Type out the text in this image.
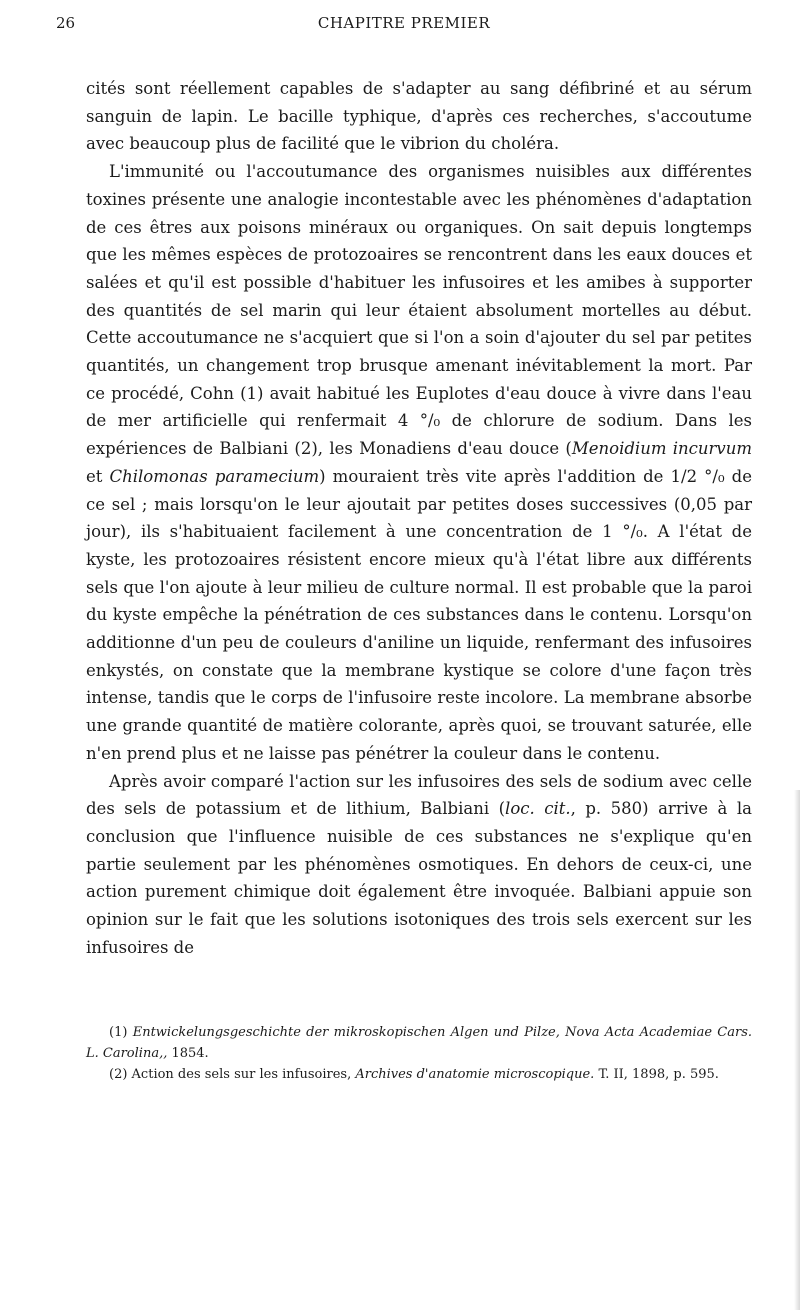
26	CHAPITRE PREMIER

cités sont réellement capables de s'adapter au sang défibriné et au sérum sanguin de lapin. Le bacille typhique, d'après ces recherches, s'accoutume avec beaucoup plus de facilité que le vibrion du choléra.

L'immunité ou l'accoutumance des organismes nuisibles aux différentes toxines présente une analogie incontestable avec les phénomènes d'adaptation de ces êtres aux poisons minéraux ou organiques. On sait depuis longtemps que les mêmes espèces de protozoaires se rencontrent dans les eaux douces et salées et qu'il est possible d'habituer les infusoires et les amibes à supporter des quantités de sel marin qui leur étaient absolument mortelles au début. Cette accoutumance ne s'acquiert que si l'on a soin d'ajouter du sel par petites quantités, un changement trop brusque amenant inévitablement la mort. Par ce procédé, Cohn (1) avait habitué les Euplotes d'eau douce à vivre dans l'eau de mer artificielle qui renfermait 4 °/₀ de chlorure de sodium. Dans les expériences de Balbiani (2), les Monadiens d'eau douce (Menoidium incurvum et Chilomonas paramecium) mouraient très vite après l'addition de 1/2 °/₀ de ce sel ; mais lorsqu'on le leur ajoutait par petites doses successives (0,05 par jour), ils s'habituaient facilement à une concentration de 1 °/₀. A l'état de kyste, les protozoaires résistent encore mieux qu'à l'état libre aux différents sels que l'on ajoute à leur milieu de culture normal. Il est probable que la paroi du kyste empêche la pénétration de ces substances dans le contenu. Lorsqu'on additionne d'un peu de couleurs d'aniline un liquide, renfermant des infusoires enkystés, on constate que la membrane kystique se colore d'une façon très intense, tandis que le corps de l'infusoire reste incolore. La membrane absorbe une grande quantité de matière colorante, après quoi, se trouvant saturée, elle n'en prend plus et ne laisse pas pénétrer la couleur dans le contenu.

Après avoir comparé l'action sur les infusoires des sels de sodium avec celle des sels de potassium et de lithium, Balbiani (loc. cit., p. 580) arrive à la conclusion que l'influence nuisible de ces substances ne s'explique qu'en partie seulement par les phénomènes osmotiques. En dehors de ceux-ci, une action purement chimique doit également être invoquée. Balbiani appuie son opinion sur le fait que les solutions isotoniques des trois sels exercent sur les infusoires de

(1) Entwickelungsgeschichte der mikroskopischen Algen und Pilze, Nova Acta Academiae Cars. L. Carolina,, 1854.

(2) Action des sels sur les infusoires, Archives d'anatomie microscopique. T. II, 1898, p. 595.
